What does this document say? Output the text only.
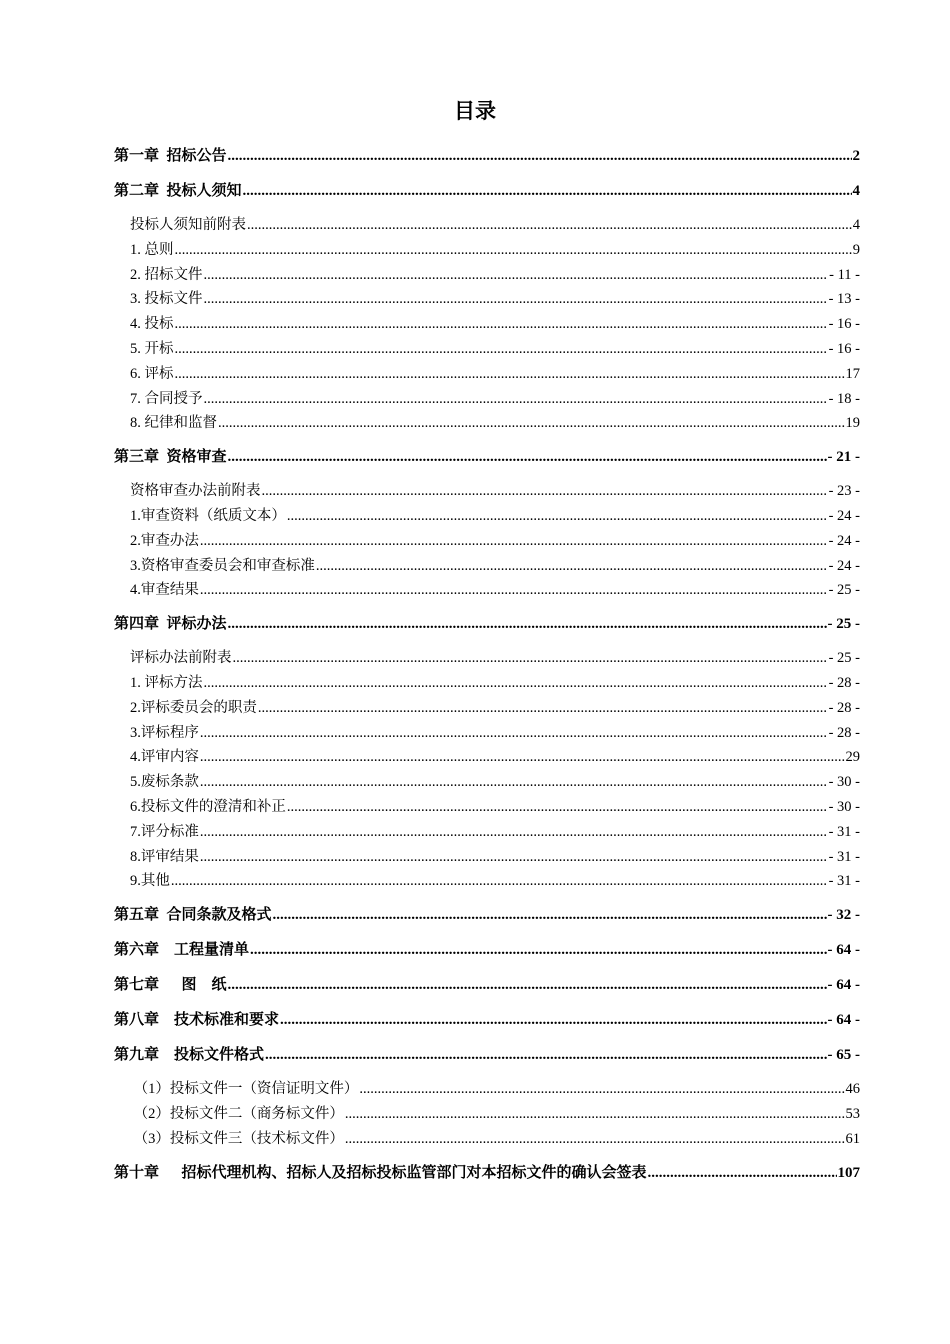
目录
第一章  招标公告 .....	2
第二章  投标人须知 .....	4
投标人须知前附表 .....	4
1. 总则 .....	9
2. 招标文件 .....	- 11 -
3. 投标文件 .....	- 13 -
4. 投标 .....	- 16 -
5. 开标 .....	- 16 -
6. 评标 .....	17
7. 合同授予 .....	- 18 -
8. 纪律和监督 .....	19
第三章  资格审查 .....	- 21 -
资格审查办法前附表 .....	- 23 -
1.审查资料（纸质文本） .....	- 24 -
2.审查办法 .....	- 24 -
3.资格审查委员会和审查标准 .....	- 24 -
4.审查结果 .....	- 25 -
第四章  评标办法 .....	- 25 -
评标办法前附表 .....	- 25 -
1. 评标方法 .....	- 28 -
2.评标委员会的职责 .....	- 28 -
3.评标程序 .....	- 28 -
4.评审内容 .....	29
5.废标条款 .....	- 30 -
6.投标文件的澄清和补正 .....	- 30 -
7.评分标准 .....	- 31 -
8.评审结果 .....	- 31 -
9.其他 .....	- 31 -
第五章  合同条款及格式 .....	- 32 -
第六章    工程量清单 .....	- 64 -
第七章      图    纸 .....	- 64 -
第八章    技术标准和要求 .....	- 64 -
第九章    投标文件格式 .....	- 65 -
（1）投标文件一（资信证明文件） .....	46
（2）投标文件二（商务标文件） .....	53
（3）投标文件三（技术标文件） .....	61
第十章      招标代理机构、招标人及招标投标监管部门对本招标文件的确认会签表 .....	107
